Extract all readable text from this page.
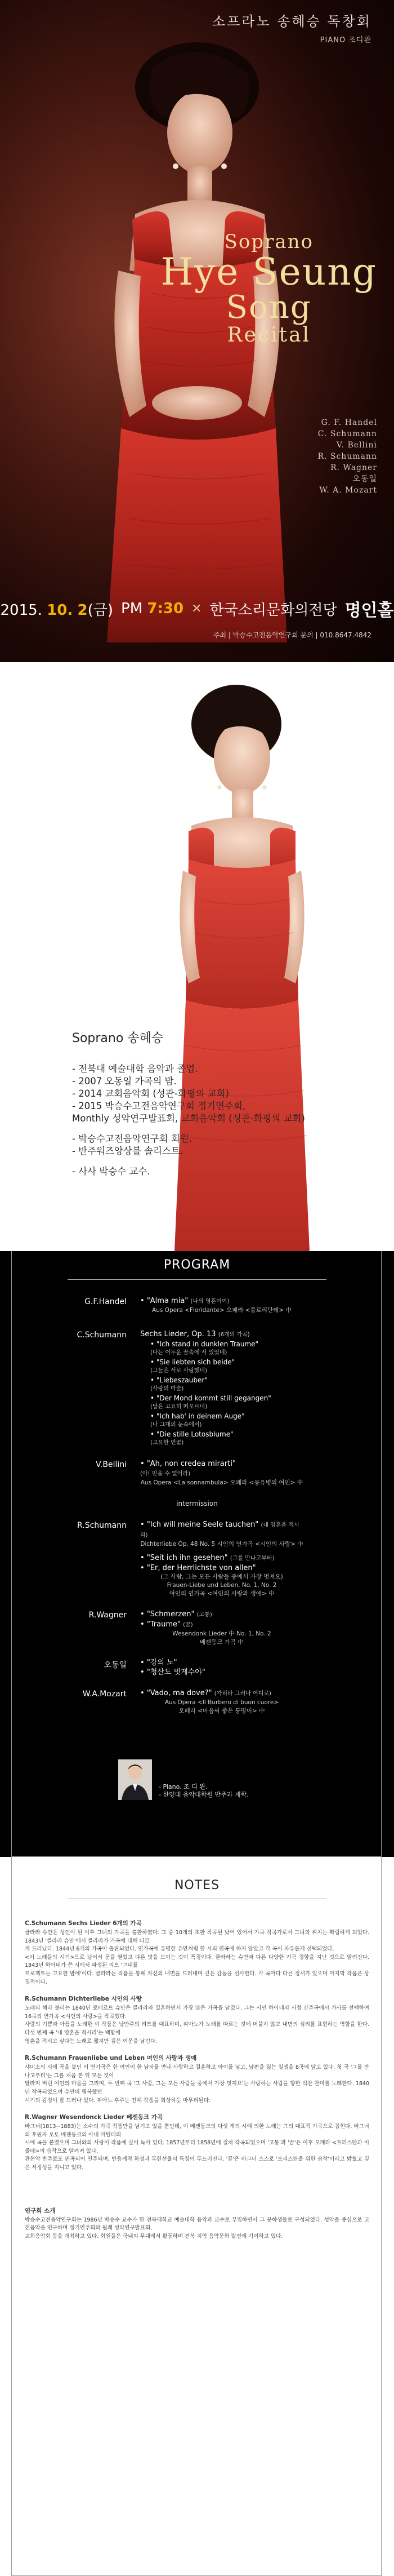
소프라노 송혜승 독창회
PIANO 조디완
Soprano
Hye Seung
Song
Recital
G. F. Handel
C. Schumann
V. Bellini
R. Schumann
R. Wagner
오동일
W. A. Mozart
2015. 10. 2(금) PM 7:30 ✕ 한국소리문화의전당 명인홀
주최 | 박승수고전음악연구회 문의 | 010.8647.4842
Soprano 송혜승
- 전북대 예술대학 음악과 졸업.
- 2007 오동일 가곡의 밤.
- 2014 교회음악회 (성관-화평의 교회)
- 2015 박승수고전음악연구회 정기연주회,
Monthly 성악연구발표회, 교회음악회 (성관-화평의 교회)
- 박승수고전음악연구회 회원.
- 반주워즈앙상블 솔리스트.
- 사사 박승수 교수.
PROGRAM
G.F.Handel • "Alma mia" (나의 영혼이여)
Aus Opera <Floridante> 오페라 <플로리단테> 中
C.Schumann Sechs Lieder, Op. 13 (6개의 가곡)
• "Ich stand in dunklen Traume"
(나는 어두운 꿈속에 서 있었네)
• "Sie liebten sich beide"
(그들은 서로 사랑했네)
• "Liebeszauber"
(사랑의 마술)
• "Der Mond kommt still gegangen"
(달은 고요히 떠오르네)
• "Ich hab' in deinem Auge"
(나 그대의 눈속에서)
• "Die stille Lotosblume"
(고요한 연꽃)
V.Bellini • "Ah, non credea mirarti"
(아! 믿을 수 없어라)
Aus Opera <La sonnambula> 오페라 <몽유병의 여인> 中
intermission
R.Schumann • "Ich will meine Seele tauchen" (내 영혼을 적시리)
Dichterliebe Op. 48 No. 5 시인의 연가곡 <시인의 사랑> 中
• "Seit ich ihn gesehen" (그를 만나고부터)
• "Er, der Herrlichste von allen"
(그 사람, 그는 모든 사람들 중에서 가장 멋져요)
Frauen-Liebe und Leben, No. 1, No. 2
여인의 연가곡 <여인의 사랑과 생애> 中
R.Wagner • "Schmerzen" (고통)
• "Traume" (꿈)
Wesendonk Lieder 中 No. 1, No. 2
베젠동크 가곡 中
오동일 • "강의 노"
• "청산도 벗게수야"
W.A.Mozart • "Vado, ma dove?" (가리라 그러나 어디로)
Aus Opera <Il Burbero di buon cuore>
오페라 <마음씨 좋은 퉁명이> 中
- Piano. 조 디 완.
- 한양대 음악대학원 반주과 재학.
NOTES
C.Schumann Sechs Lieder 6개의 가곡
클라라 슈만은 성인이 된 이후 그녀의 가곡을 출판하였다. 그 중 10개의 초판 작곡된 났어 있어서 가곡 작곡가로서 그녀의 위치는 확립하게 되었다. 1843년 '클라라 슈만'에서 클라라가 가곡에 대해 다르
게 드러났다. 1844년 6개의 가곡이 출판되었다. 연가곡에 유명한 슈만처럼 한 시의 편곡에 하지 않았고 각 곡이 자유롭게 선택되었다.
<이 노래들의 시기>으로 넘어서 문을 열었고 다른 맛을 보이는 것이 특징이다. 클라라는 슈만과 다른 다양한 가곡 경향을 지닌 것으로 알려진다. 1843년 하이네가 쓴 시에서 파생된 리트 '그대를
프로젝트는 고요한 밤에'이다. 클라라는 작품을 통해 자신의 내면을 드러내며 깊은 감동을 선사한다. 각 곡마다 다른 정서가 있으며 마지막 작품은 상징적이다.
R.Schumann Dichterliebe 시인의 사랑
노래의 해라 불리는 1840년 로베르트 슈만은 클라라와 결혼하면서 가장 많은 가곡을 남겼다. 그는 시인 하이네의 서정 간주곡에서 가사를 선택하여 16곡의 연가곡 <시인의 사랑>을 작곡했다.
사랑의 기쁨과 아픔을 노래한 이 작품은 낭만주의 리트를 대표하며, 피아노가 노래를 따르는 것에 머물지 않고 내면의 심리를 표현하는 역할을 한다. 다섯 번째 곡 '내 영혼을 적시리'는 백합에
영혼을 적시고 싶다는 노래로 짧지만 깊은 여운을 남긴다.
R.Schumann Frauenliebe und Leben 여인의 사랑과 생애
샤미소의 시에 곡을 붙인 이 연가곡은 한 여인이 한 남자를 만나 사랑하고 결혼하고 아이를 낳고, 남편을 잃는 일생을 8곡에 담고 있다. 첫 곡 '그를 만나고부터'는 그를 처음 본 뒤 모든 것이
달라져 버린 여인의 마음을 그리며, 두 번째 곡 '그 사람, 그는 모든 사람들 중에서 가장 멋져요'는 사랑하는 사람을 향한 벅찬 찬미를 노래한다. 1840년 작곡되었으며 슈만의 행복했던
시기의 감정이 잘 드러나 있다. 피아노 후주는 전체 작품을 회상하듯 마무리된다.
R.Wagner Wesendonck Lieder 베젠동크 가곡
바그너(1813~1883)는 소수의 가곡 작품만을 남기고 있을 뿐인데, 이 베젠동크의 다섯 개의 시에 의한 노래는 그의 대표적 가곡으로 꼽힌다. 바그너의 후원자 오토 베젠동크의 아내 마틸데의
시에 곡을 붙였으며 그녀와의 사랑이 작품에 깊이 녹아 있다. 1857년부터 1858년에 걸쳐 작곡되었으며 '고통'과 '꿈'은 이후 오페라 <트리스탄과 이졸데>의 습작으로 알려져 있다.
관현악 반주로도 편곡되어 연주되며, 반음계적 화성과 무한선율의 특징이 두드러진다. '꿈'은 바그너 스스로 '트리스탄을 위한 습작'이라고 밝혔고 깊은 서정성을 지니고 있다.
연구회 소개
박승수고전음악연구회는 1986년 박승수 교수가 한 전북대학교 예술대학 음악과 교수로 부임하면서 그 문하생들로 구성되었다. 성악을 중심으로 고전음악을 연구하며 정기연주회와 월례 성악연구발표회,
교회음악회 등을 개최하고 있다. 회원들은 국내외 무대에서 활동하며 전북 지역 음악문화 발전에 기여하고 있다.
